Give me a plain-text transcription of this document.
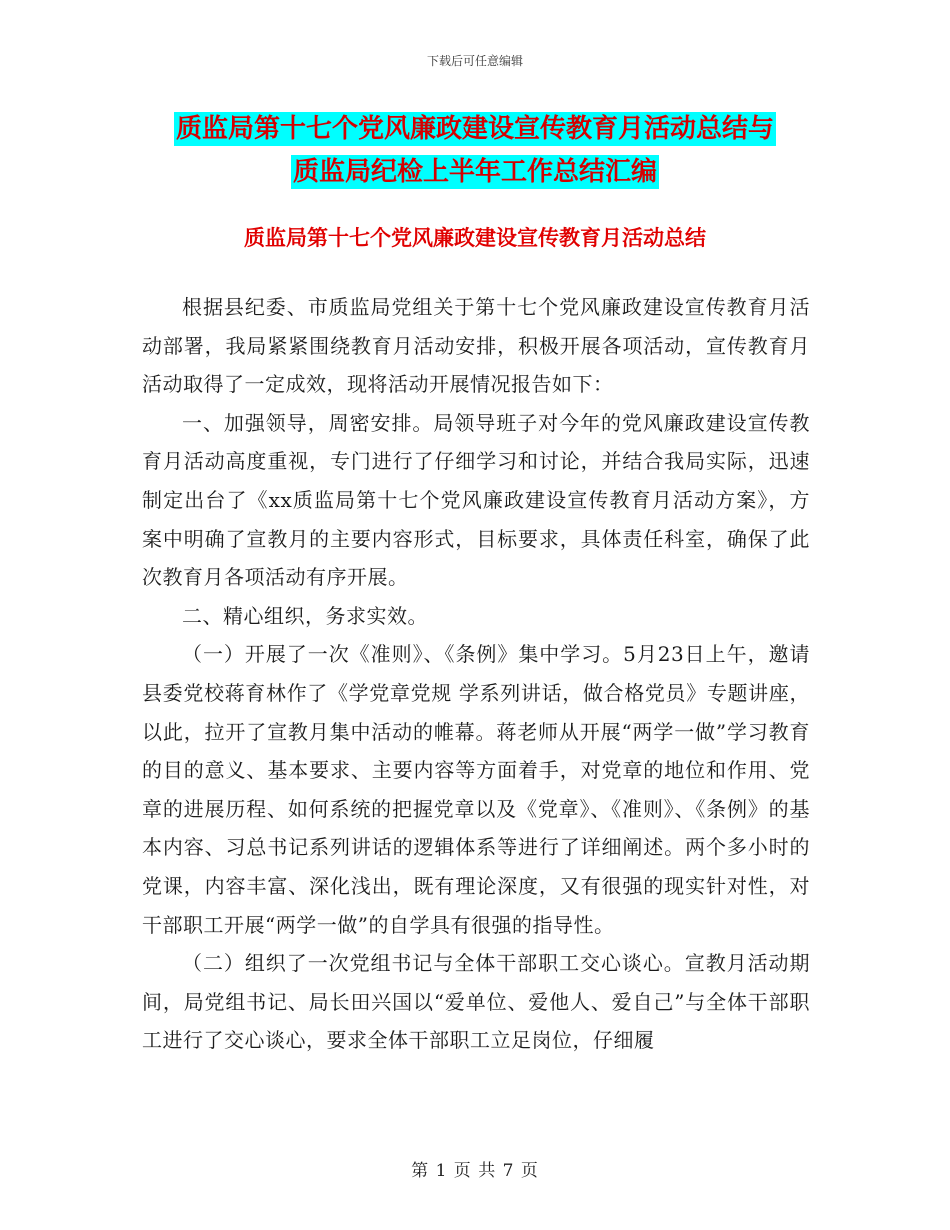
下载后可任意编辑
质监局第十七个党风廉政建设宣传教育月活动总结与
质监局纪检上半年工作总结汇编
质监局第十七个党风廉政建设宣传教育月活动总结

根据县纪委、市质监局党组关于第十七个党风廉政建设宣传教育月活动部署，我局紧紧围绕教育月活动安排，积极开展各项活动，宣传教育月活动取得了一定成效，现将活动开展情况报告如下：

一、加强领导，周密安排。局领导班子对今年的党风廉政建设宣传教育月活动高度重视，专门进行了仔细学习和讨论，并结合我局实际，迅速制定出台了《xx质监局第十七个党风廉政建设宣传教育月活动方案》，方案中明确了宣教月的主要内容形式，目标要求，具体责任科室，确保了此次教育月各项活动有序开展。

二、精心组织，务求实效。

（一）开展了一次《准则》、《条例》集中学习。5月23日上午，邀请县委党校蒋育林作了《学党章党规 学系列讲话，做合格党员》专题讲座，以此，拉开了宣教月集中活动的帷幕。蒋老师从开展“两学一做”学习教育的目的意义、基本要求、主要内容等方面着手，对党章的地位和作用、党章的进展历程、如何系统的把握党章以及《党章》、《准则》、《条例》的基本内容、习总书记系列讲话的逻辑体系等进行了详细阐述。两个多小时的党课，内容丰富、深化浅出，既有理论深度，又有很强的现实针对性，对干部职工开展“两学一做”的自学具有很强的指导性。

（二）组织了一次党组书记与全体干部职工交心谈心。宣教月活动期间，局党组书记、局长田兴国以“爱单位、爱他人、爱自己”与全体干部职工进行了交心谈心，要求全体干部职工立足岗位，仔细履

第 1 页 共 7 页
